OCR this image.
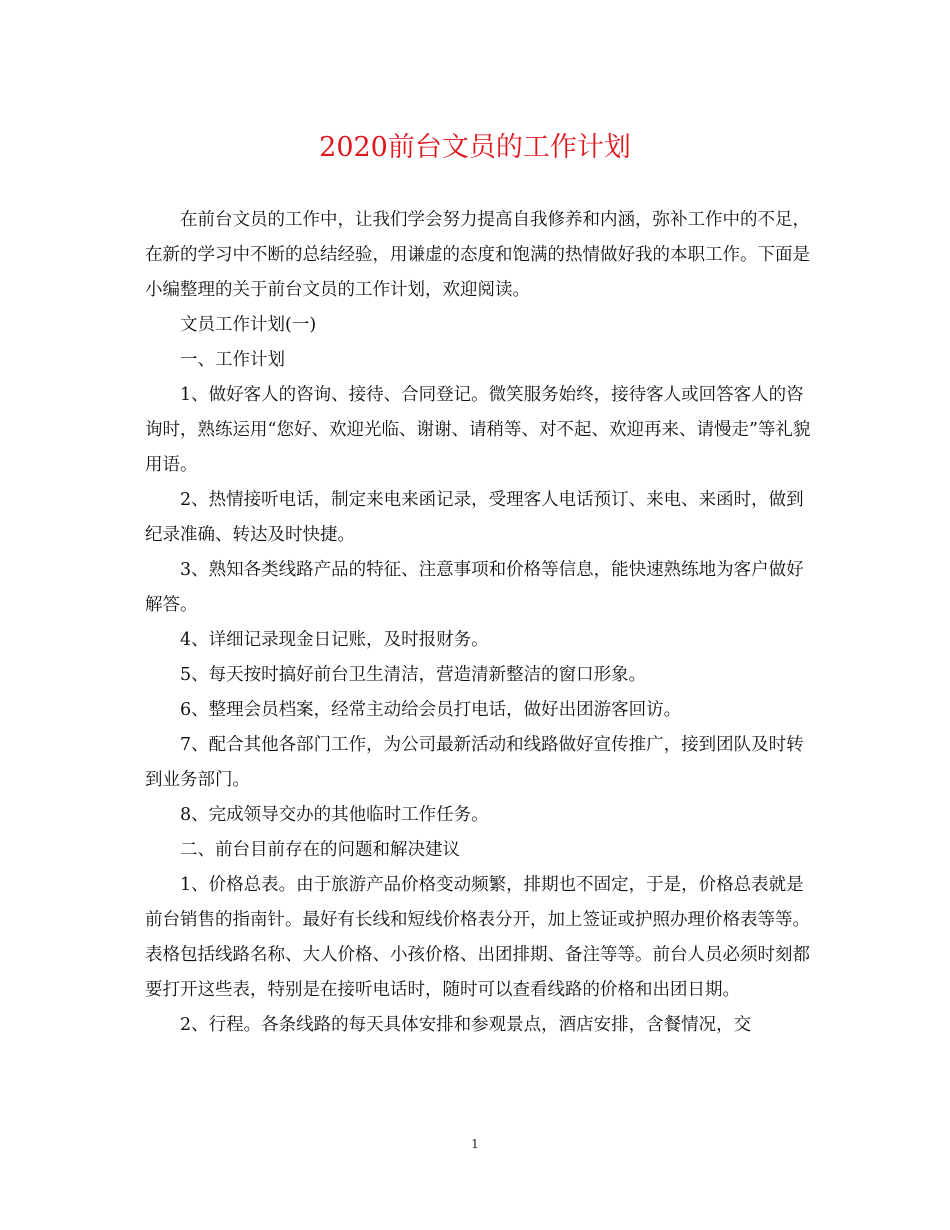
2020前台文员的工作计划

在前台文员的工作中，让我们学会努力提高自我修养和内涵，弥补工作中的不足，在新的学习中不断的总结经验，用谦虚的态度和饱满的热情做好我的本职工作。下面是小编整理的关于前台文员的工作计划，欢迎阅读。

文员工作计划(一)

一、工作计划

1、做好客人的咨询、接待、合同登记。微笑服务始终，接待客人或回答客人的咨询时，熟练运用“您好、欢迎光临、谢谢、请稍等、对不起、欢迎再来、请慢走”等礼貌用语。

2、热情接听电话，制定来电来函记录，受理客人电话预订、来电、来函时，做到纪录准确、转达及时快捷。

3、熟知各类线路产品的特征、注意事项和价格等信息，能快速熟练地为客户做好解答。

4、详细记录现金日记账，及时报财务。

5、每天按时搞好前台卫生清洁，营造清新整洁的窗口形象。

6、整理会员档案，经常主动给会员打电话，做好出团游客回访。

7、配合其他各部门工作，为公司最新活动和线路做好宣传推广，接到团队及时转到业务部门。

8、完成领导交办的其他临时工作任务。

二、前台目前存在的问题和解决建议

1、价格总表。由于旅游产品价格变动频繁，排期也不固定，于是，价格总表就是前台销售的指南针。最好有长线和短线价格表分开，加上签证或护照办理价格表等等。表格包括线路名称、大人价格、小孩价格、出团排期、备注等等。前台人员必须时刻都要打开这些表，特别是在接听电话时，随时可以查看线路的价格和出团日期。

2、行程。各条线路的每天具体安排和参观景点，酒店安排，含餐情况，交

1
